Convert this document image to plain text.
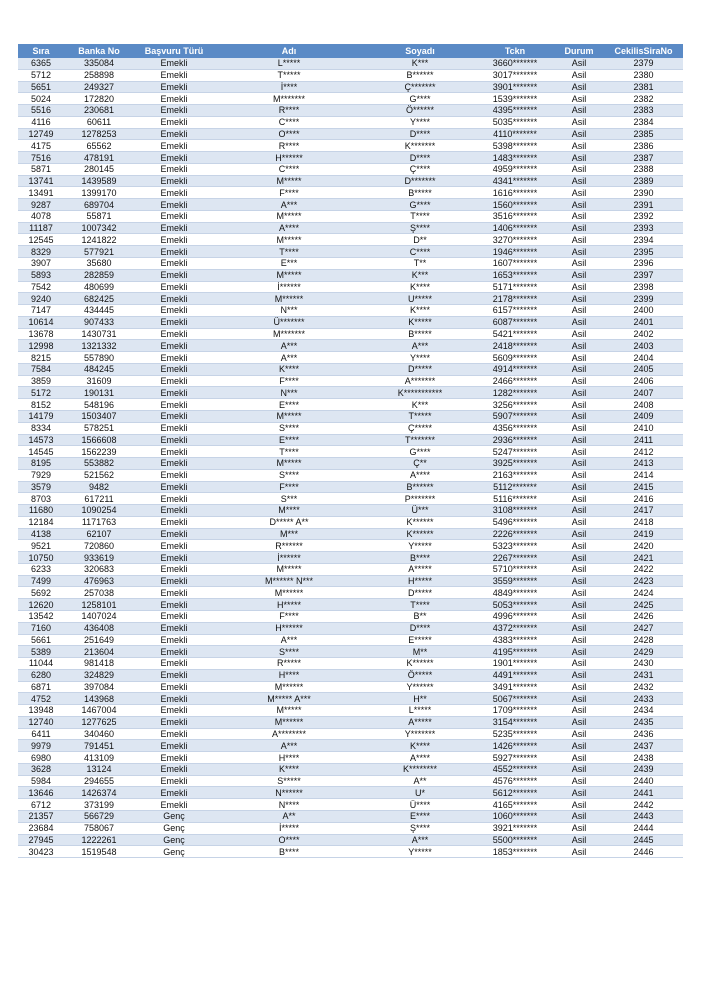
Sıra	Banka No	Başvuru Türü	Adı	Soyadı	Tckn	Durum	CekilisSiraNo
6365	335084	Emekli	L*****	K***	3660*******	Asil	2379
5712	258898	Emekli	T*****	B******	3017*******	Asil	2380
5651	249327	Emekli	İ****	Ç*******	3901*******	Asil	2381
5024	172820	Emekli	M*******	G****	1539*******	Asil	2382
5516	230681	Emekli	R****	Ö******	4395*******	Asil	2383
4116	60611	Emekli	C****	Y****	5035*******	Asil	2384
12749	1278253	Emekli	O****	D****	4110*******	Asil	2385
4175	65562	Emekli	R****	K*******	5398*******	Asil	2386
7516	478191	Emekli	H******	D****	1483*******	Asil	2387
5871	280145	Emekli	C****	Ç****	4959*******	Asil	2388
13741	1439589	Emekli	M*****	D*******	4341*******	Asil	2389
13491	1399170	Emekli	F****	B*****	1616*******	Asil	2390
9287	689704	Emekli	A***	G****	1560*******	Asil	2391
4078	55871	Emekli	M*****	T****	3516*******	Asil	2392
11187	1007342	Emekli	A****	Ş****	1406*******	Asil	2393
12545	1241822	Emekli	M*****	D**	3270*******	Asil	2394
8329	577921	Emekli	T****	C****	1946*******	Asil	2395
3907	35680	Emekli	E***	T**	1607*******	Asil	2396
5893	282859	Emekli	M*****	K***	1653*******	Asil	2397
7542	480699	Emekli	İ******	K****	5171*******	Asil	2398
9240	682425	Emekli	M******	U*****	2178*******	Asil	2399
7147	434445	Emekli	N***	K****	6157*******	Asil	2400
10614	907433	Emekli	Ü*******	K*****	6087*******	Asil	2401
13678	1430731	Emekli	M*******	B*****	5421*******	Asil	2402
12998	1321332	Emekli	A***	A***	2418*******	Asil	2403
8215	557890	Emekli	A***	Y****	5609*******	Asil	2404
7584	484245	Emekli	K****	D*****	4914*******	Asil	2405
3859	31609	Emekli	F****	A*******	2466*******	Asil	2406
5172	190131	Emekli	N***	K***********	1282*******	Asil	2407
8152	548196	Emekli	E****	K***	3256*******	Asil	2408
14179	1503407	Emekli	M*****	T*****	5907*******	Asil	2409
8334	578251	Emekli	S****	Ç*****	4356*******	Asil	2410
14573	1566608	Emekli	E****	T*******	2936*******	Asil	2411
14545	1562239	Emekli	T****	G****	5247*******	Asil	2412
8195	553882	Emekli	M*****	Ç**	3925*******	Asil	2413
7929	521562	Emekli	S****	A****	2163*******	Asil	2414
3579	9482	Emekli	F****	B******	5112*******	Asil	2415
8703	617211	Emekli	S***	P*******	5116*******	Asil	2416
11680	1090254	Emekli	M****	Ü***	3108*******	Asil	2417
12184	1171763	Emekli	D***** A**	K******	5496*******	Asil	2418
4138	62107	Emekli	M***	K******	2226*******	Asil	2419
9521	720860	Emekli	R******	Y*****	5323*******	Asil	2420
10750	933619	Emekli	İ******	B****	2267*******	Asil	2421
6233	320683	Emekli	M*****	A*****	5710*******	Asil	2422
7499	476963	Emekli	M****** N***	H*****	3559*******	Asil	2423
5692	257038	Emekli	M******	D*****	4849*******	Asil	2424
12620	1258101	Emekli	H*****	T****	5053*******	Asil	2425
13542	1407024	Emekli	F****	B**	4996*******	Asil	2426
7160	436408	Emekli	H******	D****	4372*******	Asil	2427
5661	251649	Emekli	A***	E*****	4383*******	Asil	2428
5389	213604	Emekli	S****	M**	4195*******	Asil	2429
11044	981418	Emekli	R*****	K******	1901*******	Asil	2430
6280	324829	Emekli	H****	Ö*****	4491*******	Asil	2431
6871	397084	Emekli	M******	Y******	3491*******	Asil	2432
4752	143968	Emekli	M***** A***	H**	5067*******	Asil	2433
13948	1467004	Emekli	M*****	L*****	1709*******	Asil	2434
12740	1277625	Emekli	M******	A*****	3154*******	Asil	2435
6411	340460	Emekli	A********	Y*******	5235*******	Asil	2436
9979	791451	Emekli	A***	K****	1426*******	Asil	2437
6980	413109	Emekli	H****	A****	5927*******	Asil	2438
3628	13124	Emekli	K****	K********	4552*******	Asil	2439
5984	294655	Emekli	S*****	A**	4576*******	Asil	2440
13646	1426374	Emekli	N******	U*	5612*******	Asil	2441
6712	373199	Emekli	N****	Ü****	4165*******	Asil	2442
21357	566729	Genç	A**	E****	1060*******	Asil	2443
23684	758067	Genç	İ*****	Ş****	3921*******	Asil	2444
27945	1222261	Genç	O****	A***	5500*******	Asil	2445
30423	1519548	Genç	B****	Y*****	1853*******	Asil	2446
